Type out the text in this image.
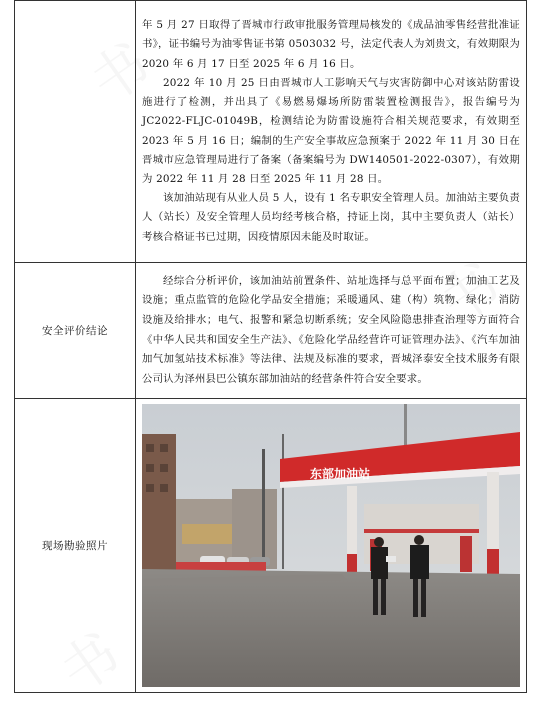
	年 5 月 27 日取得了晋城市行政审批服务管理局核发的《成品油零售经营批准证书》，证书编号为油零售证书第 0503032 号，法定代表人为刘贵文，有效期限为 2020 年 6 月 17 日至 2025 年 6 月 16 日。

2022 年 10 月 25 日由晋城市人工影响天气与灾害防御中心对该站防雷设施进行了检测，并出具了《易燃易爆场所防雷装置检测报告》，报告编号为 JC2022-FLJC-01049B，检测结论为防雷设施符合相关规范要求，有效期至 2023 年 5 月 16 日；编制的生产安全事故应急预案于 2022 年 11 月 30 日在晋城市应急管理局进行了备案（备案编号为 DW140501-2022-0307），有效期为 2022 年 11 月 28 日至 2025 年 11 月 28 日。

该加油站现有从业人员 5 人，设有 1 名专职安全管理人员。加油站主要负责人（站长）及安全管理人员均经考核合格，持证上岗，其中主要负责人（站长）考核合格证书已过期，因疫情原因未能及时取证。

安全评价结论	经综合分析评价，该加油站前置条件、站址选择与总平面布置；加油工艺及设施；重点监管的危险化学品安全措施；采暖通风、建（构）筑物、绿化；消防设施及给排水；电气、报警和紧急切断系统；安全风险隐患排查治理等方面符合《中华人民共和国安全生产法》、《危险化学品经营许可证管理办法》、《汽车加油加气加氢站技术标准》等法律、法规及标准的要求，晋城泽泰安全技术服务有限公司认为泽州县巴公镇东部加油站的经营条件符合安全要求。

现场勘验照片	东部加油站
